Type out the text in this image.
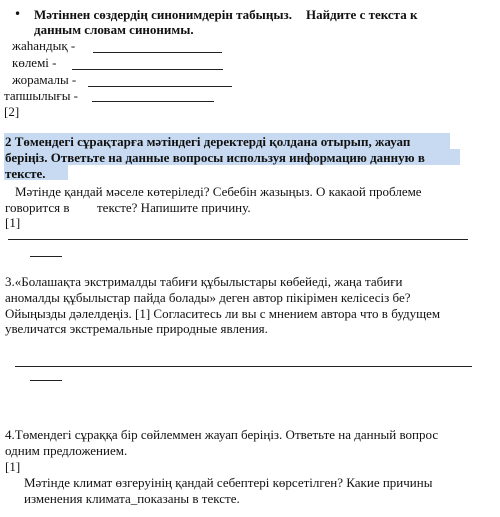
• Мәтіннен сөздердің синонимдерін табыңыз. Найдите с текста к
данным словам синонимы.
жаһандық -
көлемі -
жорамалы -
тапшылығы -
[2]
2 Төмендегі сұрақтарға мәтіндегі деректерді қолдана отырып, жауап
беріңіз. Ответьте на данные вопросы используя информацию данную в
тексте.
Мәтінде қандай мәселе көтеріледі? Себебін жазыңыз. О какаой проблеме
говорится в тексте? Напишите причину.
[1]
3.«Болашақта экстрималды табиғи құбылыстары көбейеді, жаңа табиғи
аномалды құбылыстар пайда болады» деген автор пікірімен келісесіз бе?
Ойыңызды дәлелдеңіз. [1] Согласитесь ли вы с мнением автора что в будущем
увеличатся экстремальные природные явления.
4.Төмендегі сұраққа бір сөйлеммен жауап беріңіз. Ответьте на данный вопрос
одним предложением.
[1]
Мәтінде климат өзгеруінің қандай себептері көрсетілген? Какие причины
изменения климата_показаны в тексте.
